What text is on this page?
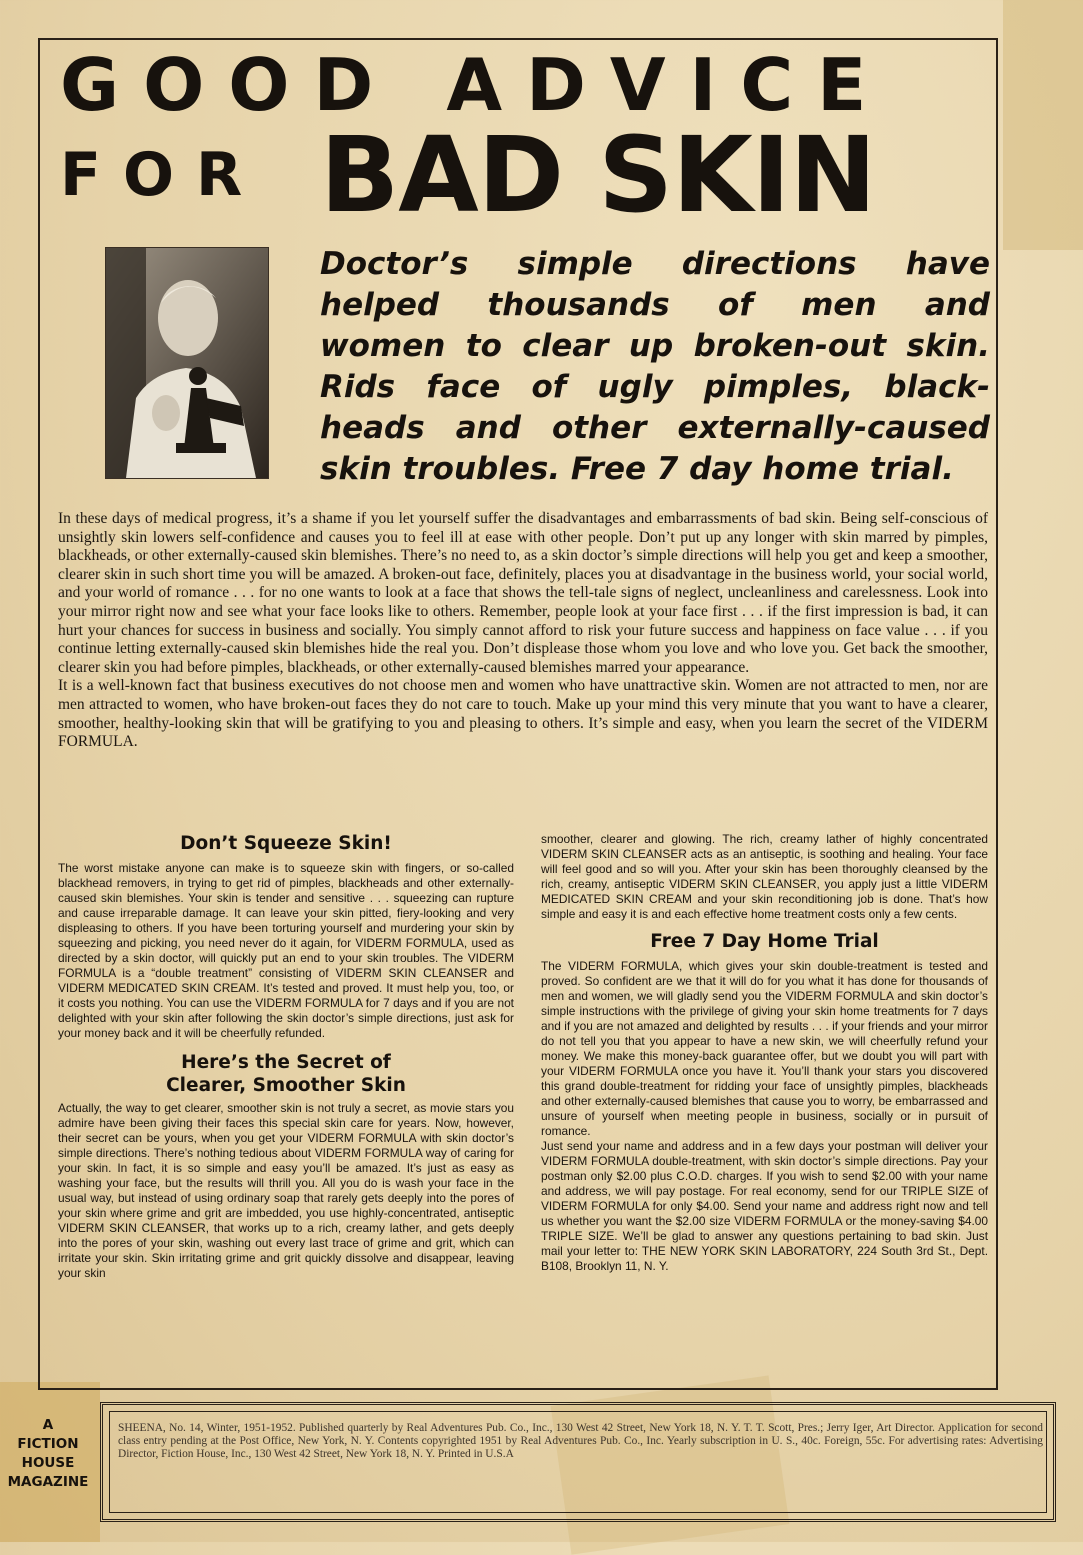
GOOD ADVICE
FOR BAD SKIN

Doctor’s simple directions have

helped thousands of men and

women to clear up broken-out skin.

Rids face of ugly pimples, black-

heads and other externally-caused

skin troubles. Free 7 day home trial.

In these days of medical progress, it’s a shame if you let yourself suffer the disadvantages and embarrassments of bad skin. Being self-conscious of unsightly skin lowers self-confidence and causes you to feel ill at ease with other people. Don’t put up any longer with skin marred by pimples, blackheads, or other externally-caused skin blemishes. There’s no need to, as a skin doctor’s simple directions will help you get and keep a smoother, clearer skin in such short time you will be amazed. A broken-out face, definitely, places you at disadvantage in the business world, your social world, and your world of romance . . . for no one wants to look at a face that shows the tell-tale signs of neglect, uncleanliness and carelessness. Look into your mirror right now and see what your face looks like to others. Remember, people look at your face first . . . if the first impression is bad, it can hurt your chances for success in business and socially. You simply cannot afford to risk your future success and happiness on face value . . . if you continue letting externally-caused skin blemishes hide the real you. Don’t displease those whom you love and who love you. Get back the smoother, clearer skin you had before pimples, blackheads, or other externally-caused blemishes marred your appearance.

It is a well-known fact that business executives do not choose men and women who have unattractive skin. Women are not attracted to men, nor are men attracted to women, who have broken-out faces they do not care to touch. Make up your mind this very minute that you want to have a clearer, smoother, healthy-looking skin that will be gratifying to you and pleasing to others. It’s simple and easy, when you learn the secret of the VIDERM FORMULA.

Don’t Squeeze Skin!

The worst mistake anyone can make is to squeeze skin with fingers, or so-called blackhead removers, in trying to get rid of pimples, blackheads and other externally-caused skin blemishes. Your skin is tender and sensitive . . . squeezing can rupture and cause irreparable damage. It can leave your skin pitted, fiery-looking and very displeasing to others. If you have been torturing yourself and murdering your skin by squeezing and picking, you need never do it again, for VIDERM FORMULA, used as directed by a skin doctor, will quickly put an end to your skin troubles. The VIDERM FORMULA is a “double treatment” consisting of VIDERM SKIN CLEANSER and VIDERM MEDICATED SKIN CREAM. It’s tested and proved. It must help you, too, or it costs you nothing. You can use the VIDERM FORMULA for 7 days and if you are not delighted with your skin after following the skin doctor’s simple directions, just ask for your money back and it will be cheerfully refunded.

Here’s the Secret of
Clearer, Smoother Skin

Actually, the way to get clearer, smoother skin is not truly a secret, as movie stars you admire have been giving their faces this special skin care for years. Now, however, their secret can be yours, when you get your VIDERM FORMULA with skin doctor’s simple directions. There’s nothing tedious about VIDERM FORMULA way of caring for your skin. In fact, it is so simple and easy you’ll be amazed. It’s just as easy as washing your face, but the results will thrill you. All you do is wash your face in the usual way, but instead of using ordinary soap that rarely gets deeply into the pores of your skin where grime and grit are imbedded, you use highly-concentrated, antiseptic VIDERM SKIN CLEANSER, that works up to a rich, creamy lather, and gets deeply into the pores of your skin, washing out every last trace of grime and grit, which can irritate your skin. Skin irritating grime and grit quickly dissolve and disappear, leaving your skin

smoother, clearer and glowing. The rich, creamy lather of highly concentrated VIDERM SKIN CLEANSER acts as an antiseptic, is soothing and healing. Your face will feel good and so will you. After your skin has been thoroughly cleansed by the rich, creamy, antiseptic VIDERM SKIN CLEANSER, you apply just a little VIDERM MEDICATED SKIN CREAM and your skin reconditioning job is done. That’s how simple and easy it is and each effective home treatment costs only a few cents.

Free 7 Day Home Trial

The VIDERM FORMULA, which gives your skin double-treatment is tested and proved. So confident are we that it will do for you what it has done for thousands of men and women, we will gladly send you the VIDERM FORMULA and skin doctor’s simple instructions with the privilege of giving your skin home treatments for 7 days and if you are not amazed and delighted by results . . . if your friends and your mirror do not tell you that you appear to have a new skin, we will cheerfully refund your money. We make this money-back guarantee offer, but we doubt you will part with your VIDERM FORMULA once you have it. You’ll thank your stars you discovered this grand double-treatment for ridding your face of unsightly pimples, blackheads and other externally-caused blemishes that cause you to worry, be embarrassed and unsure of yourself when meeting people in business, socially or in pursuit of romance.

Just send your name and address and in a few days your postman will deliver your VIDERM FORMULA double-treatment, with skin doctor’s simple directions. Pay your postman only $2.00 plus C.O.D. charges. If you wish to send $2.00 with your name and address, we will pay postage. For real economy, send for our TRIPLE SIZE of VIDERM FORMULA for only $4.00. Send your name and address right now and tell us whether you want the $2.00 size VIDERM FORMULA or the money-saving $4.00 TRIPLE SIZE. We’ll be glad to answer any questions pertaining to bad skin. Just mail your letter to: THE NEW YORK SKIN LABORATORY, 224 South 3rd St., Dept. B108, Brooklyn 11, N. Y.

A
FICTION
HOUSE
MAGAZINE
SHEENA, No. 14, Winter, 1951-1952. Published quarterly by Real Adventures Pub. Co., Inc., 130 West 42 Street, New York 18, N. Y. T. T. Scott, Pres.; Jerry Iger, Art Director. Application for second class entry pending at the Post Office, New York, N. Y. Contents copyrighted 1951 by Real Adventures Pub. Co., Inc. Yearly subscription in U. S., 40c. Foreign, 55c. For advertising rates: Advertising Director, Fiction House, Inc., 130 West 42 Street, New York 18, N. Y. Printed in U.S.A
